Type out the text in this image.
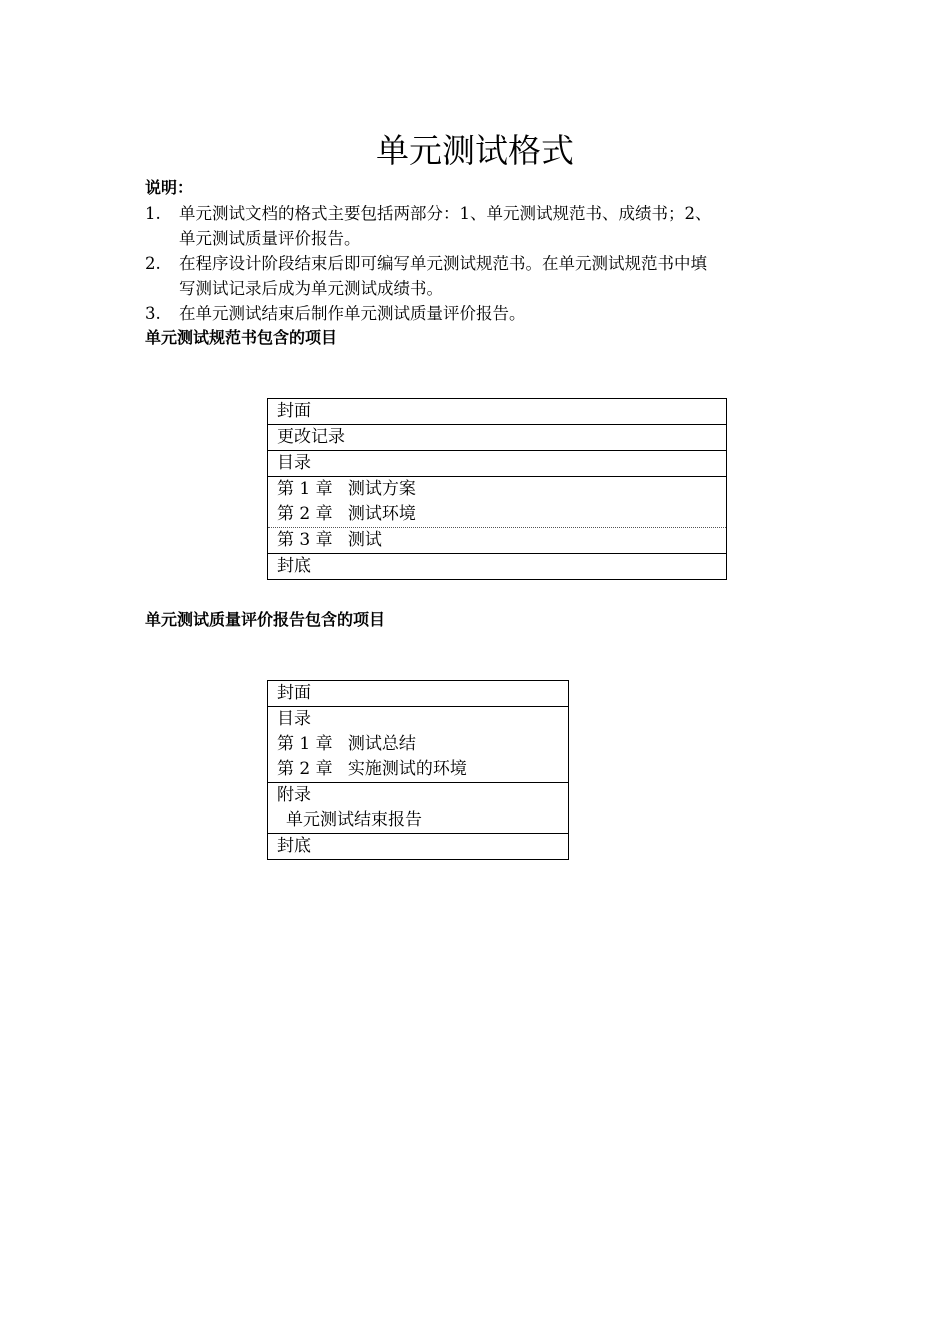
单元测试格式
说明：
1. 单元测试文档的格式主要包括两部分：1、单元测试规范书、成绩书；2、
单元测试质量评价报告。
2. 在程序设计阶段结束后即可编写单元测试规范书。在单元测试规范书中填
写测试记录后成为单元测试成绩书。
3. 在单元测试结束后制作单元测试质量评价报告。
单元测试规范书包含的项目
封面
更改记录
目录
第 1 章 测试方案
第 2 章 测试环境
第 3 章 测试
封底
单元测试质量评价报告包含的项目
封面
目录
第 1 章 测试总结
第 2 章 实施测试的环境
附录
单元测试结束报告
封底
